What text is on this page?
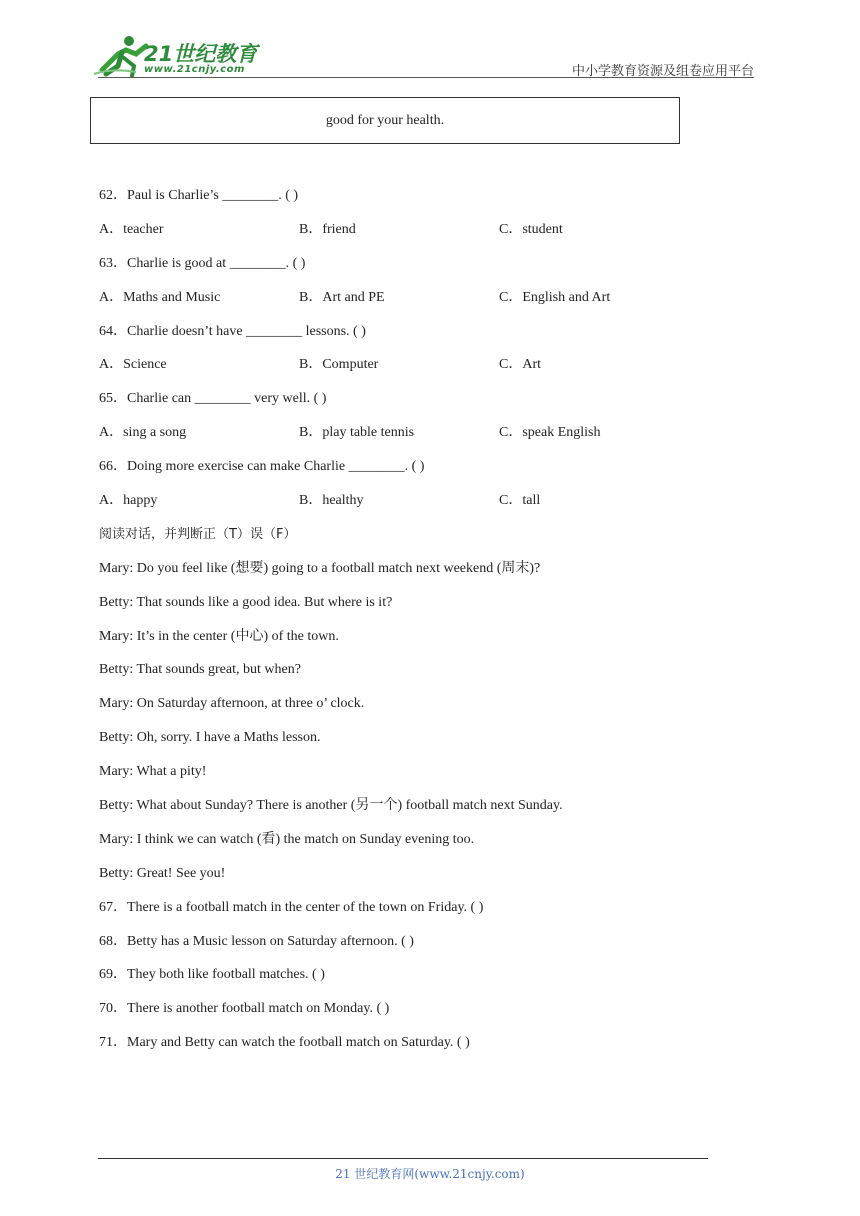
21世纪教育
www.21cnjy.com	中小学教育资源及组卷应用平台
good for your health.
62．Paul is Charlie’s ________. ( )
A．teacher	B．friend	C．student
63．Charlie is good at ________. ( )
A．Maths and Music	B．Art and PE	C．English and Art
64．Charlie doesn’t have ________ lessons. ( )
A．Science	B．Computer	C．Art
65．Charlie can ________ very well. ( )
A．sing a song	B．play table tennis	C．speak English
66．Doing more exercise can make Charlie ________. ( )
A．happy	B．healthy	C．tall
阅读对话，并判断正（T）误（F）
Mary: Do you feel like (想要) going to a football match next weekend (周末)?
Betty: That sounds like a good idea. But where is it?
Mary: It’s in the center (中心) of the town.
Betty: That sounds great, but when?
Mary: On Saturday afternoon, at three o’ clock.
Betty: Oh, sorry. I have a Maths lesson.
Mary: What a pity!
Betty: What about Sunday? There is another (另一个) football match next Sunday.
Mary: I think we can watch (看) the match on Sunday evening too.
Betty: Great! See you!
67．There is a football match in the center of the town on Friday. ( )
68．Betty has a Music lesson on Saturday afternoon. ( )
69．They both like football matches. ( )
70．There is another football match on Monday. ( )
71．Mary and Betty can watch the football match on Saturday. ( )
21 世纪教育网(www.21cnjy.com)
